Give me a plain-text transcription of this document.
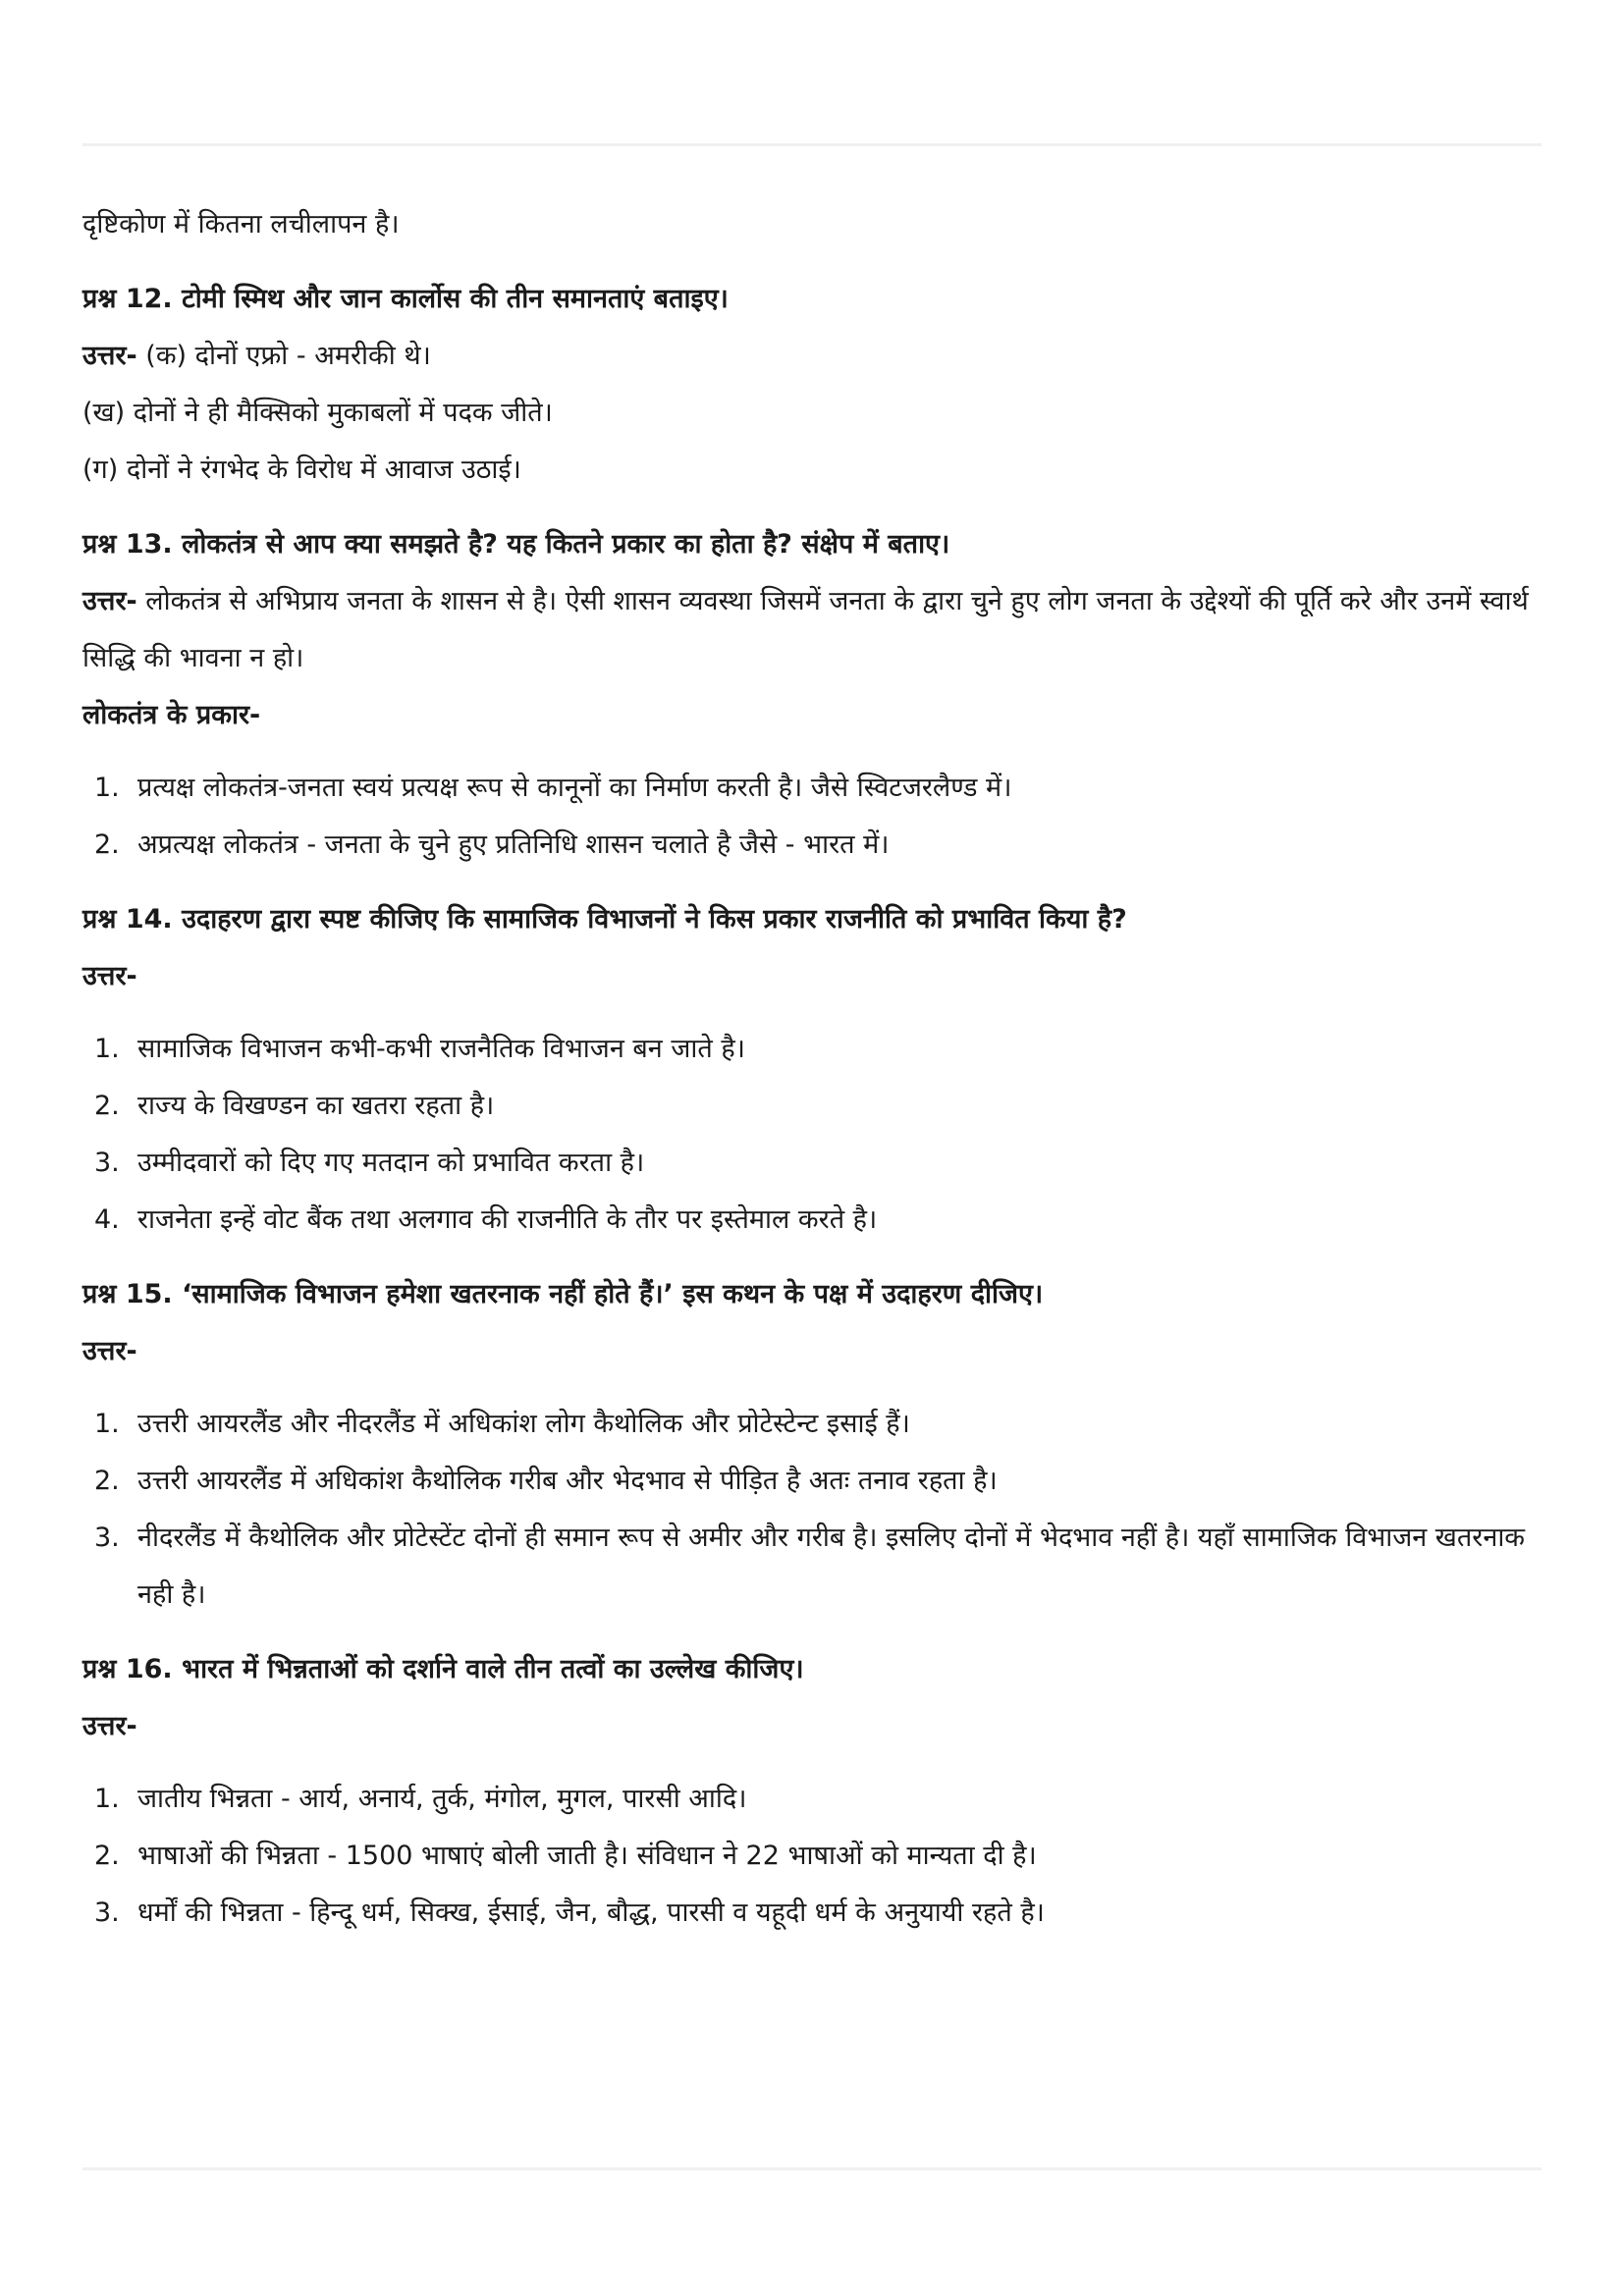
दृष्टिकोण में कितना लचीलापन है।

प्रश्न 12. टोमी स्मिथ और जान कार्लोस की तीन समानताएं बताइए।

उत्तर- (क) दोनों एफ्रो - अमरीकी थे।

(ख) दोनों ने ही मैक्सिको मुकाबलों में पदक जीते।

(ग) दोनों ने रंगभेद के विरोध में आवाज उठाई।

प्रश्न 13. लोकतंत्र से आप क्या समझते है? यह कितने प्रकार का होता है? संक्षेप में बताए।

उत्तर- लोकतंत्र से अभिप्राय जनता के शासन से है। ऐसी शासन व्यवस्था जिसमें जनता के द्वारा चुने हुए लोग जनता के उद्देश्यों की पूर्ति करे और उनमें स्वार्थ सिद्धि की भावना न हो।

लोकतंत्र के प्रकार-

1. प्रत्यक्ष लोकतंत्र-जनता स्वयं प्रत्यक्ष रूप से कानूनों का निर्माण करती है। जैसे स्विटजरलैण्ड में।
2. अप्रत्यक्ष लोकतंत्र - जनता के चुने हुए प्रतिनिधि शासन चलाते है जैसे - भारत में।

प्रश्न 14. उदाहरण द्वारा स्पष्ट कीजिए कि सामाजिक विभाजनों ने किस प्रकार राजनीति को प्रभावित किया है?

उत्तर-

1. सामाजिक विभाजन कभी-कभी राजनैतिक विभाजन बन जाते है।
2. राज्य के विखण्डन का खतरा रहता है।
3. उम्मीदवारों को दिए गए मतदान को प्रभावित करता है।
4. राजनेता इन्हें वोट बैंक तथा अलगाव की राजनीति के तौर पर इस्तेमाल करते है।

प्रश्न 15. ‘सामाजिक विभाजन हमेशा खतरनाक नहीं होते हैं।’ इस कथन के पक्ष में उदाहरण दीजिए।

उत्तर-

1. उत्तरी आयरलैंड और नीदरलैंड में अधिकांश लोग कैथोलिक और प्रोटेस्टेन्ट इसाई हैं।
2. उत्तरी आयरलैंड में अधिकांश कैथोलिक गरीब और भेदभाव से पीड़ित है अतः तनाव रहता है।
3. नीदरलैंड में कैथोलिक और प्रोटेस्टेंट दोनों ही समान रूप से अमीर और गरीब है। इसलिए दोनों में भेदभाव नहीं है। यहाँ सामाजिक विभाजन खतरनाक नही है।

प्रश्न 16. भारत में भिन्नताओं को दर्शाने वाले तीन तत्वों का उल्लेख कीजिए।

उत्तर-

1. जातीय भिन्नता - आर्य, अनार्य, तुर्क, मंगोल, मुगल, पारसी आदि।
2. भाषाओं की भिन्नता - 1500 भाषाएं बोली जाती है। संविधान ने 22 भाषाओं को मान्यता दी है।
3. धर्मों की भिन्नता - हिन्दू धर्म, सिक्ख, ईसाई, जैन, बौद्ध, पारसी व यहूदी धर्म के अनुयायी रहते है।
